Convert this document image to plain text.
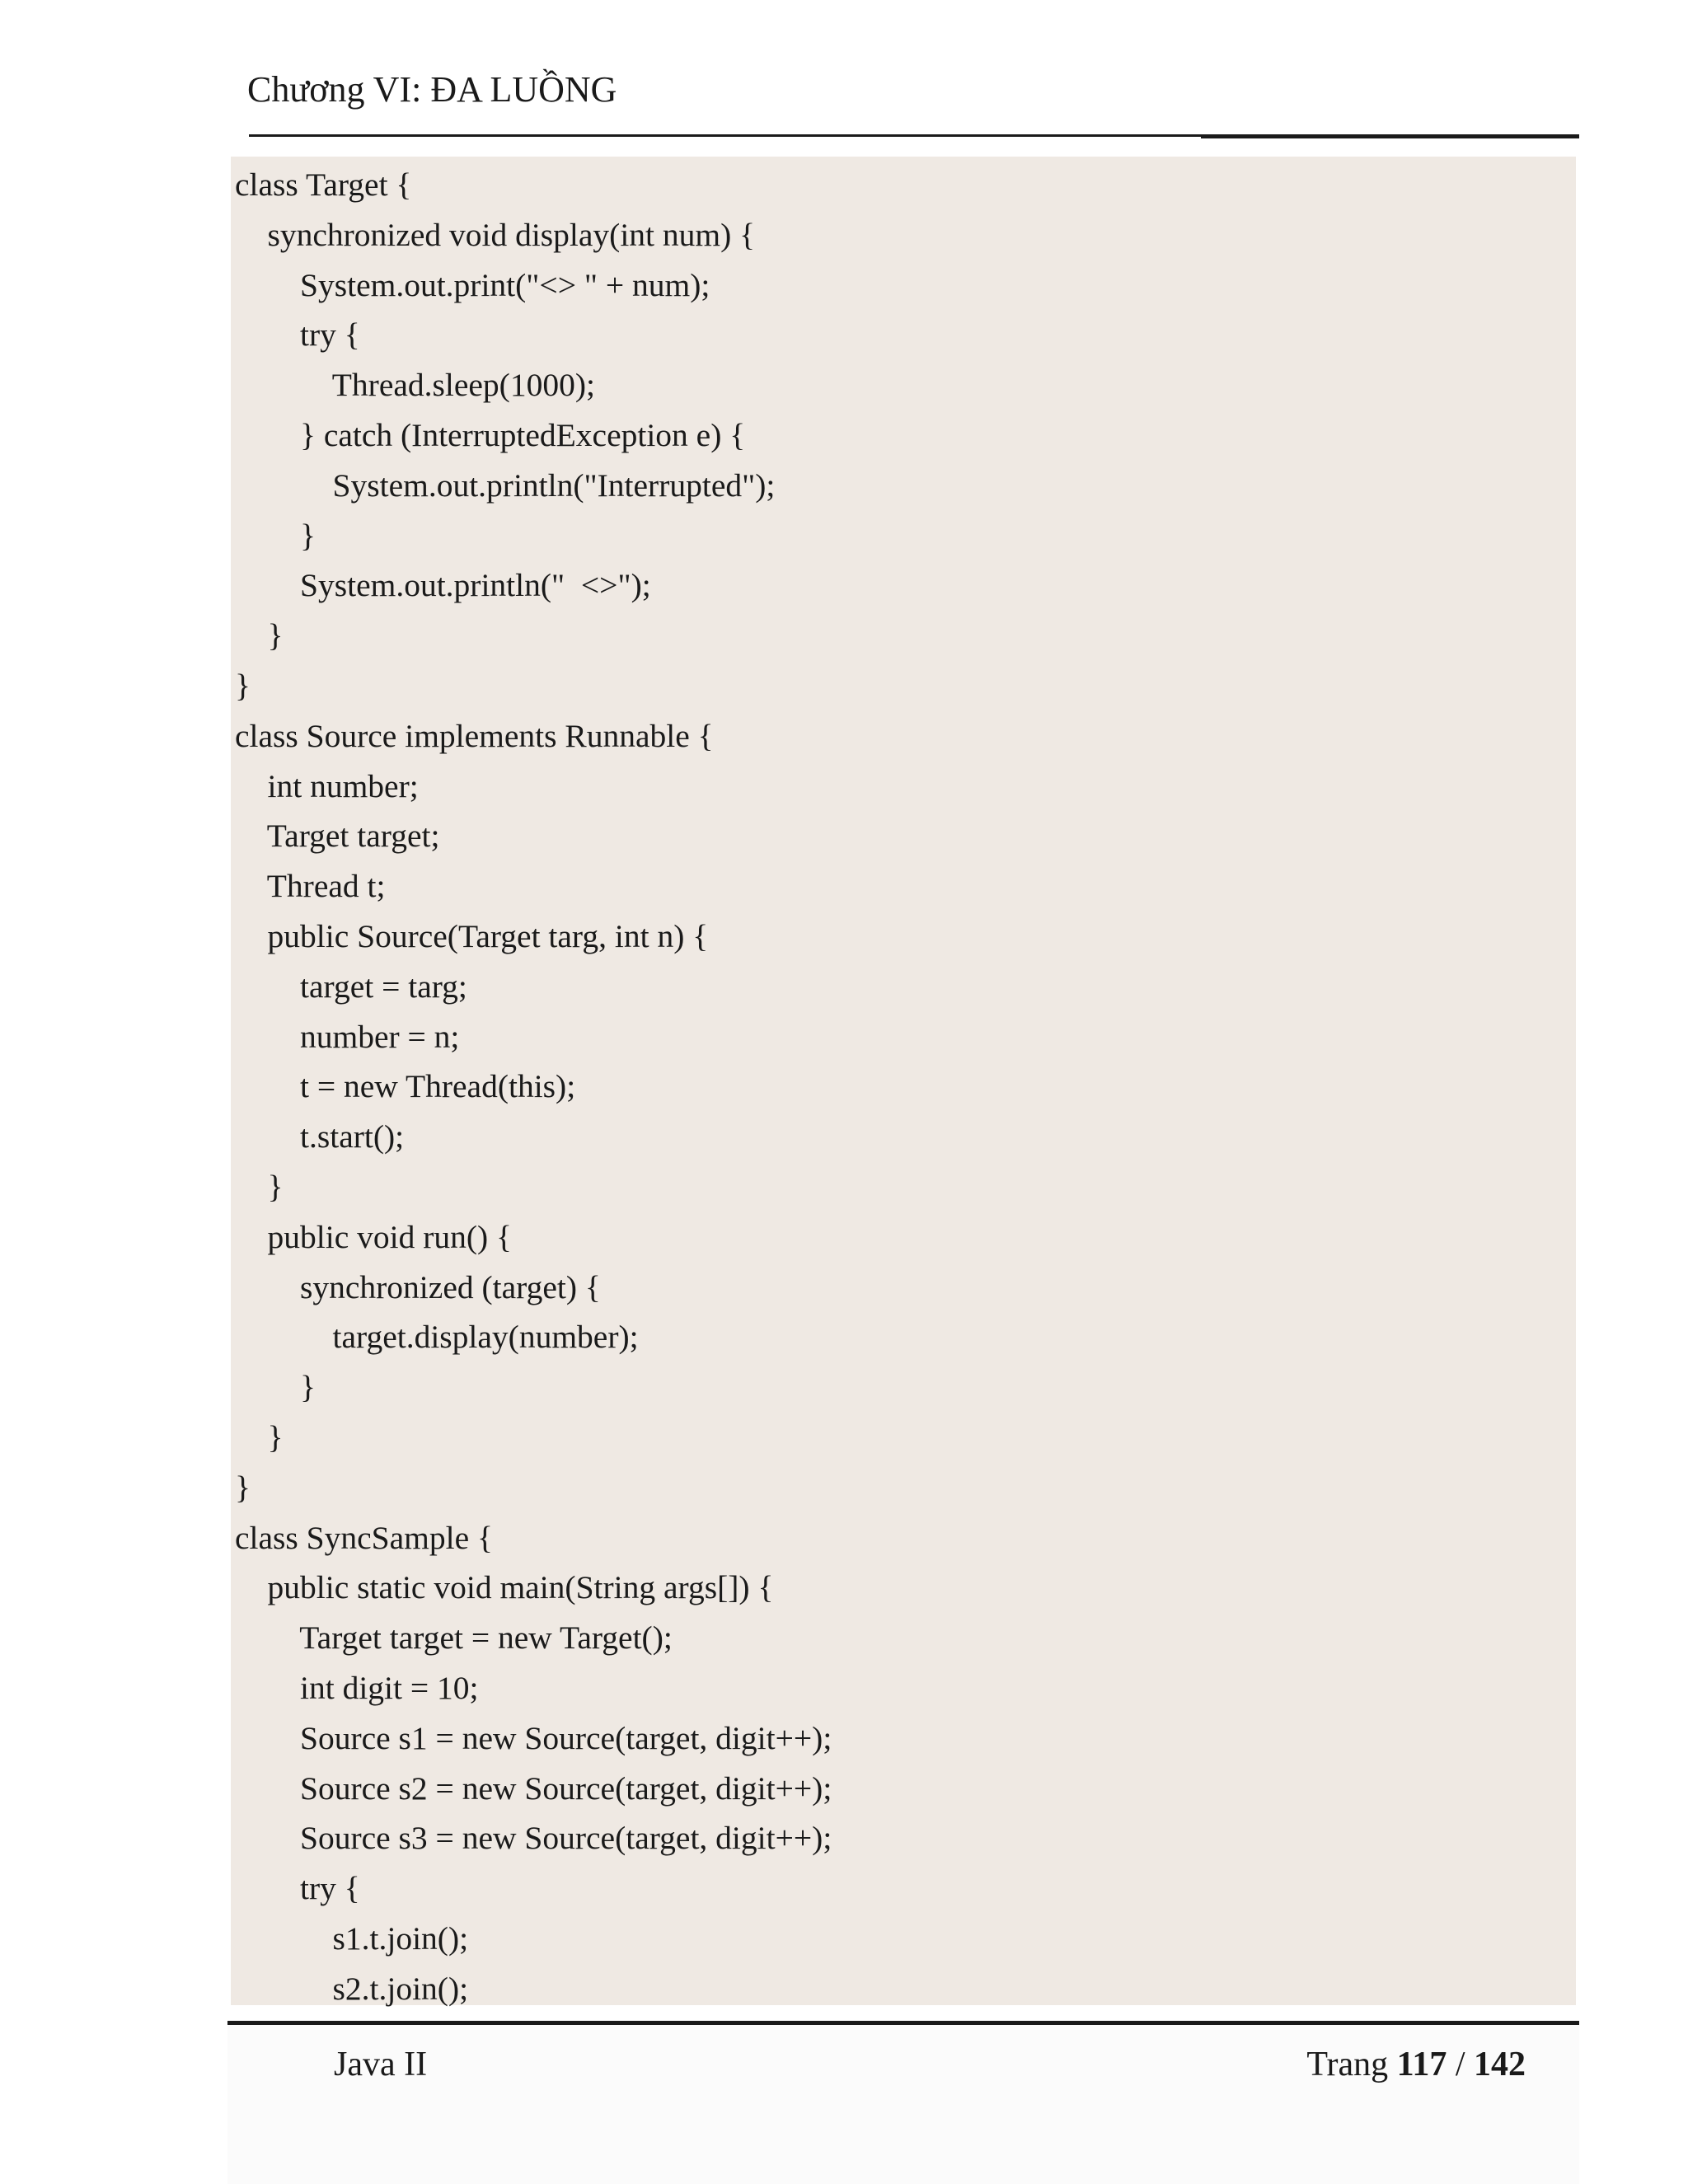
Chương VI: ĐA LUỒNG
class Target {
synchronized void display(int num) {
System.out.print("<> " + num);
try {
Thread.sleep(1000);
} catch (InterruptedException e) {
System.out.println("Interrupted");
}
System.out.println("  <>");
}
}
class Source implements Runnable {
int number;
Target target;
Thread t;
public Source(Target targ, int n) {
target = targ;
number = n;
t = new Thread(this);
t.start();
}
public void run() {
synchronized (target) {
target.display(number);
}
}
}
class SyncSample {
public static void main(String args[]) {
Target target = new Target();
int digit = 10;
Source s1 = new Source(target, digit++);
Source s2 = new Source(target, digit++);
Source s3 = new Source(target, digit++);
try {
s1.t.join();
s2.t.join();
Java II	Trang 117 / 142
